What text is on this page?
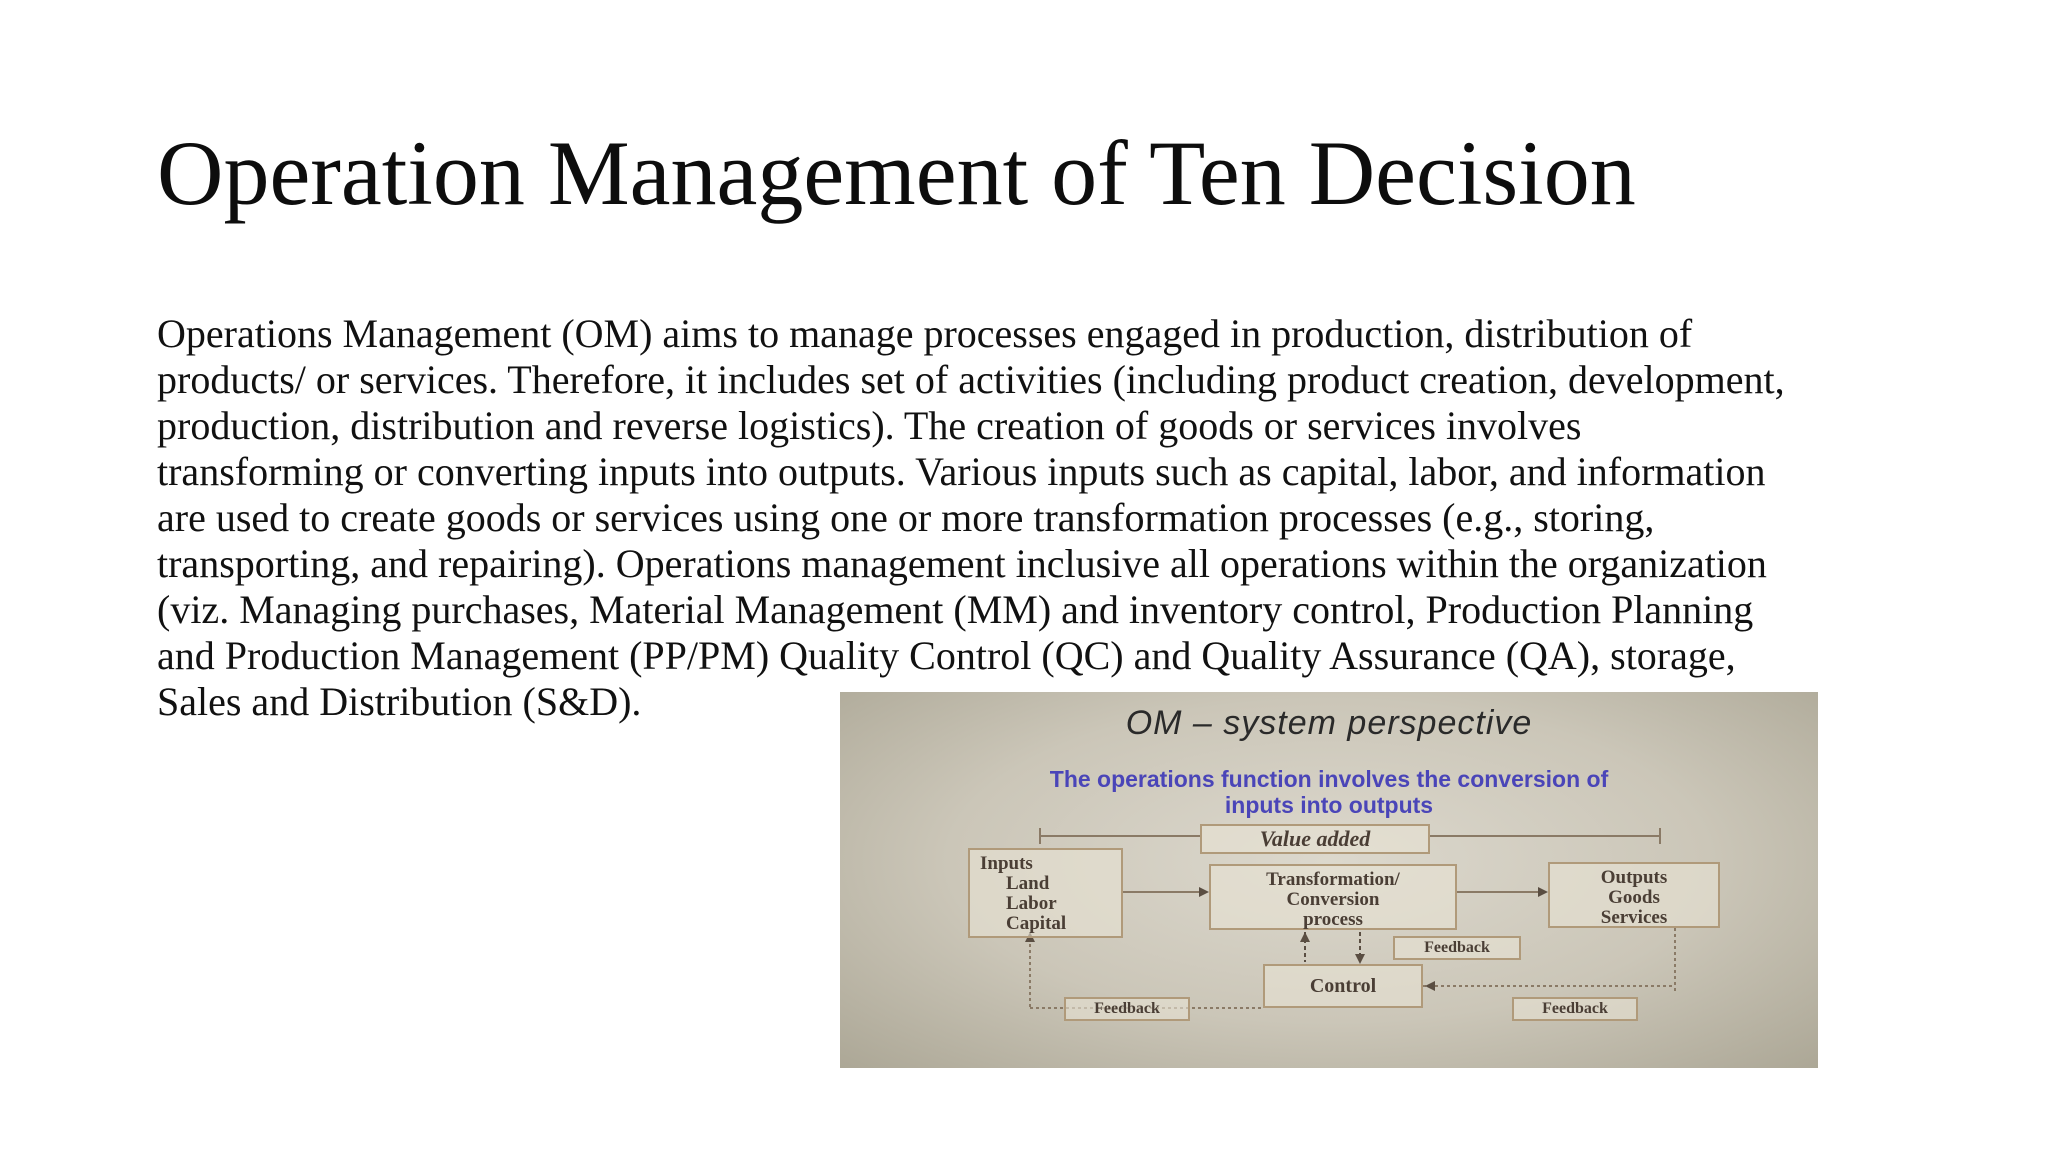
Operation Management of Ten Decision
Operations Management (OM) aims to manage processes engaged in production, distribution of
products/ or services. Therefore, it includes set of activities (including product creation, development,
production, distribution and reverse logistics). The creation of goods or services involves
transforming or converting inputs into outputs. Various inputs such as capital, labor, and information
are used to create goods or services using one or more transformation processes (e.g., storing,
transporting, and repairing). Operations management inclusive all operations within the organization
(viz. Managing purchases, Material Management (MM) and inventory control, Production Planning
and Production Management (PP/PM) Quality Control (QC) and Quality Assurance (QA), storage,
Sales and Distribution (S&D).	OM – system perspective
The operations function involves the conversion of
inputs into outputs
Value added
Inputs
Land
Labor
Capital
Transformation/
Conversion
process
Outputs
Goods
Services
Feedback
Control
Feedback	Feedback
